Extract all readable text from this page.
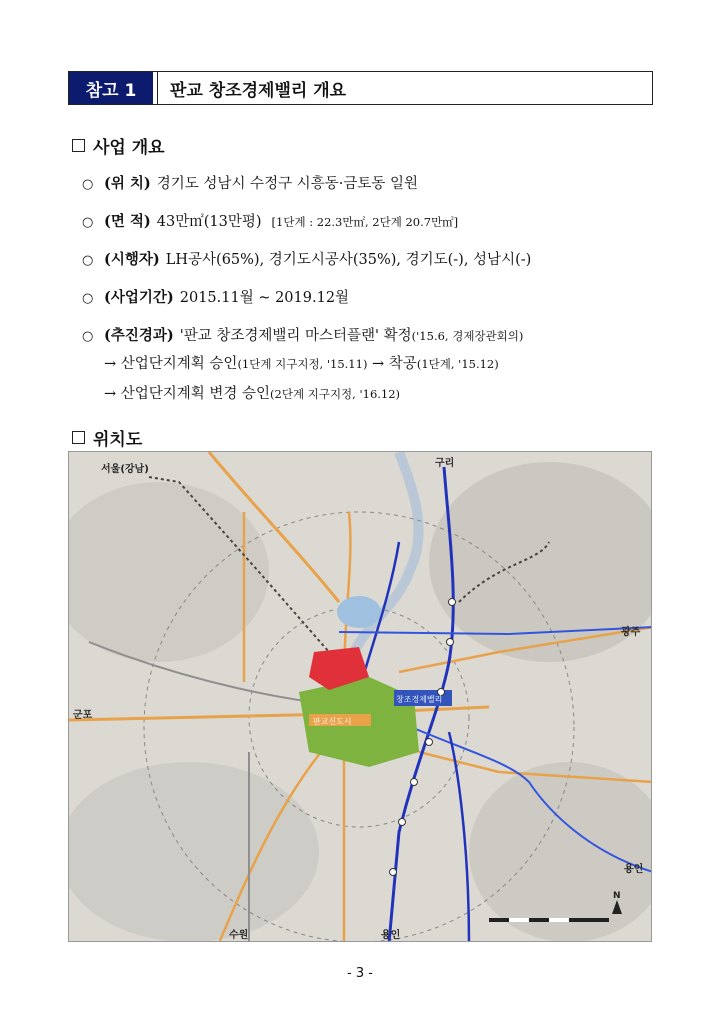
참고 1	판교 창조경제밸리 개요
사업 개요
○ (위 치) 경기도 성남시 수정구 시흥동·금토동 일원
○ (면 적) 43만㎡(13만평) [1단계 : 22.3만㎡, 2단계 20.7만㎡]
○ (시행자) LH공사(65%), 경기도시공사(35%), 경기도(-), 성남시(-)
○ (사업기간) 2015.11월 ~ 2019.12월
○ (추진경과) '판교 창조경제밸리 마스터플랜' 확정 ('15.6, 경제장관회의)
→ 산업단지계획 승인(1단계 지구지정, '15.11) → 착공(1단계, '15.12)
→ 산업단지계획 변경 승인(2단계 지구지정, '16.12)
위치도
서울(강남)
구리
광주
군포
수원	용인
용인
판교신도시
창조경제밸리
N
- 3 -
